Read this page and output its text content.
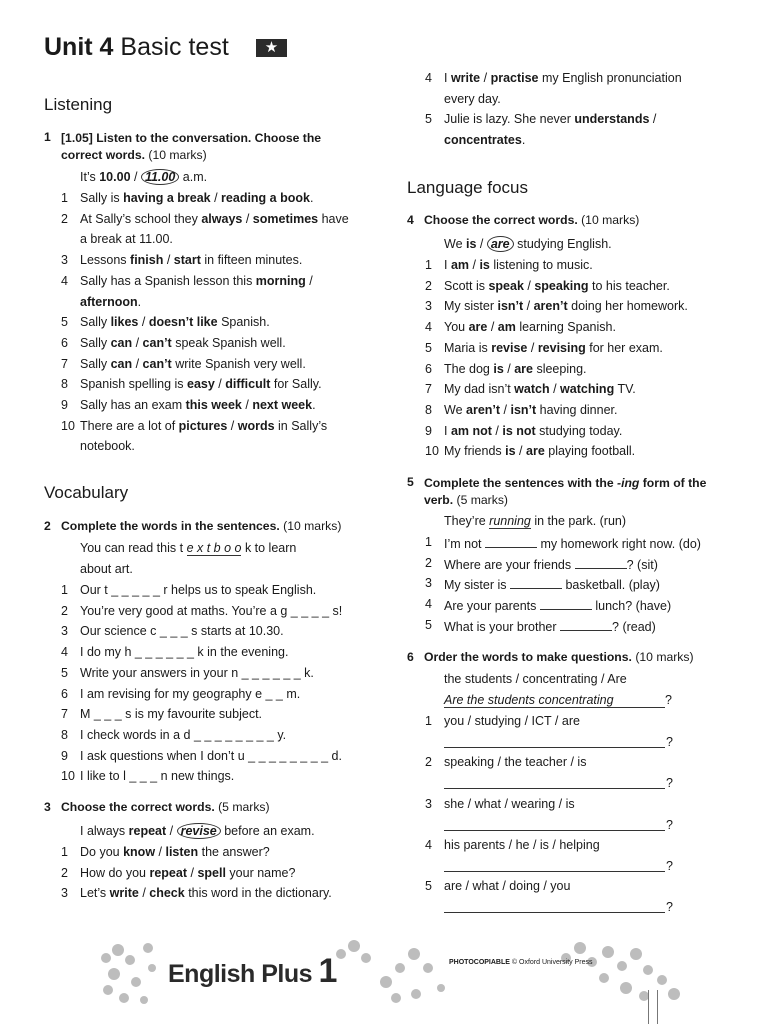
Unit 4 Basic test	★
Listening
1 [1.05] Listen to the conversation. Choose the correct words. (10 marks)
It’s 10.00 / 11.00 a.m.
Vocabulary
2 Complete the words in the sentences. (10 marks)
You can read this t e x t b o o k to learn
about art.
3 Choose the correct words. (5 marks)
I always repeat / revise before an exam.
1 Sally is having a break / reading a book.
2 At Sally’s school they always / sometimes have
a break at 11.00.
3 Lessons finish / start in fifteen minutes.
4 Sally has a Spanish lesson this morning /
afternoon.
5 Sally likes / doesn’t like Spanish.
6 Sally can / can’t speak Spanish well.
7 Sally can / can’t write Spanish very well.
8 Spanish spelling is easy / difficult for Sally.
9 Sally has an exam this week / next week.
10 There are a lot of pictures / words in Sally’s
notebook.
1 Our t _ _ _ _ _ r helps us to speak English.
2 You’re very good at maths. You’re a g _ _ _ _ s!
3 Our science c _ _ _ s starts at 10.30.
4 I do my h _ _ _ _ _ _ k in the evening.
5 Write your answers in your n _ _ _ _ _ _ k.
6 I am revising for my geography e _ _ m.
7 M _ _ _ s is my favourite subject.
8 I check words in a d _ _ _ _ _ _ _ _ y.
9 I ask questions when I don’t u _ _ _ _ _ _ _ _ d.
10 I like to l _ _ _ n new things.
1 Do you know / listen the answer?
2 How do you repeat / spell your name?
3 Let’s write / check this word in the dictionary.
Language focus
4 Choose the correct words. (10 marks)
We is / are studying English.
5 Complete the sentences with the -ing form of the
verb. (5 marks)
They’re running in the park. (run)
6 Order the words to make questions. (10 marks)
the students / concentrating / Are
Are the students concentrating	?
4 I write / practise my English pronunciation
every day.
5 Julie is lazy. She never understands /
concentrates.
1 I am / is listening to music.
2 Scott is speak / speaking to his teacher.
3 My sister isn’t / aren’t doing her homework.
4 You are / am learning Spanish.
5 Maria is revise / revising for her exam.
6 The dog is / are sleeping.
7 My dad isn’t watch / watching TV.
8 We aren’t / isn’t having dinner.
9 I am not / is not studying today.
10 My friends is / are playing football.
1 I’m not	my homework right now. (do)
2 Where are your friends	? (sit)
3 My sister is	basketball. (play)
4 Are your parents	lunch? (have)
5 What is your brother	? (read)
1 you / studying / ICT / are
?
2 speaking / the teacher / is
?
3 she / what / wearing / is
?
4 his parents / he / is / helping
?
5 are / what / doing / you
?
English Plus 1	PHOTOCOPIABLE © Oxford University Press
